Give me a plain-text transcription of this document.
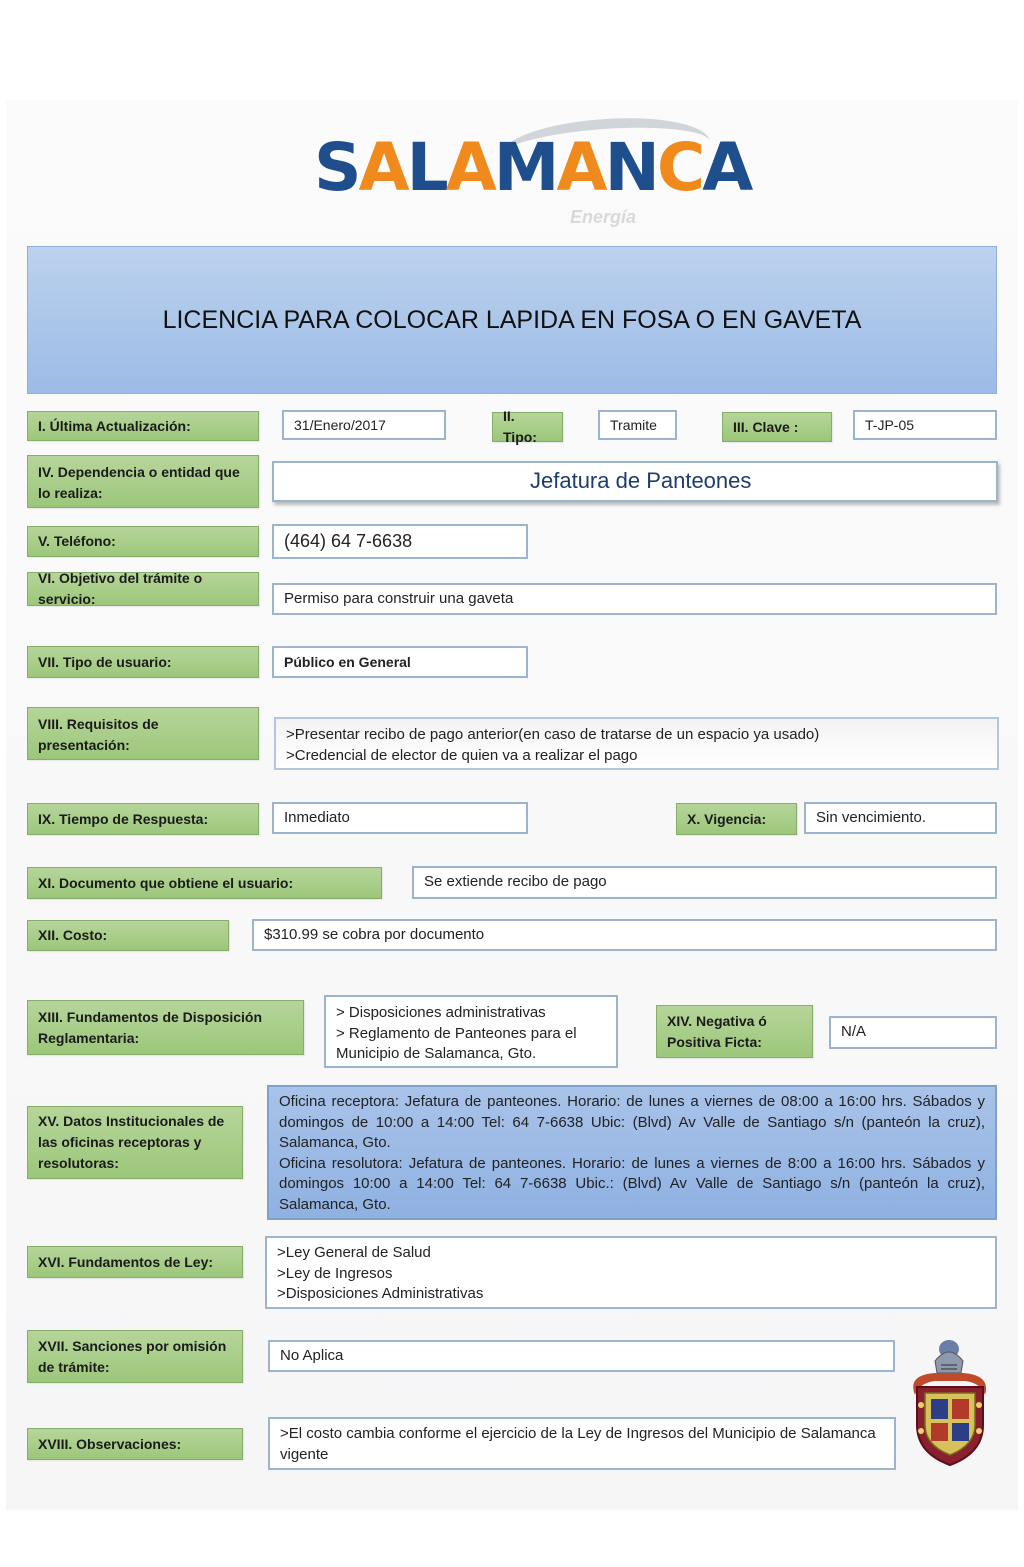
SALAMANCA
Energía
LICENCIA PARA COLOCAR LAPIDA EN FOSA O EN GAVETA
I. Última Actualización:	31/Enero/2017
II. Tipo:
Tramite	III. Clave :	T-JP-05
IV. Dependencia o entidad que lo realiza:	Jefatura de Panteones
V. Teléfono:	(464) 64 7-6638
VI. Objetivo del trámite o servicio:	Permiso para construir una gaveta
VII. Tipo de usuario:	Público en General
VIII. Requisitos de presentación:
>Presentar recibo de pago anterior(en caso de tratarse de un espacio ya usado)
>Credencial de elector de quien va a realizar el pago
IX. Tiempo de Respuesta:	Inmediato	X. Vigencia:	Sin vencimiento.
XI. Documento que obtiene el usuario:	Se extiende recibo de pago
XII. Costo:	$310.99 se cobra por documento
XIII. Fundamentos de Disposición Reglamentaria:
> Disposiciones administrativas
> Reglamento de Panteones para el Municipio de Salamanca, Gto.
XIV. Negativa ó Positiva Ficta:
N/A
XV. Datos Institucionales de las oficinas receptoras y resolutoras:
Oficina receptora: Jefatura de panteones. Horario: de lunes a viernes de 08:00 a 16:00 hrs. Sábados y domingos de 10:00 a 14:00 Tel: 64 7-6638 Ubic: (Blvd) Av Valle de Santiago s/n (panteón la cruz), Salamanca, Gto.
Oficina resolutora: Jefatura de panteones. Horario: de lunes a viernes de 8:00 a 16:00 hrs. Sábados y domingos 10:00 a 14:00 Tel: 64 7-6638 Ubic.: (Blvd) Av Valle de Santiago s/n (panteón la cruz), Salamanca, Gto.
XVI. Fundamentos de Ley:
>Ley General de Salud
>Ley de Ingresos
>Disposiciones Administrativas
XVII. Sanciones por omisión de trámite:
No Aplica
XVIII. Observaciones:
>El costo cambia conforme el ejercicio de la Ley de Ingresos del Municipio de Salamanca vigente
